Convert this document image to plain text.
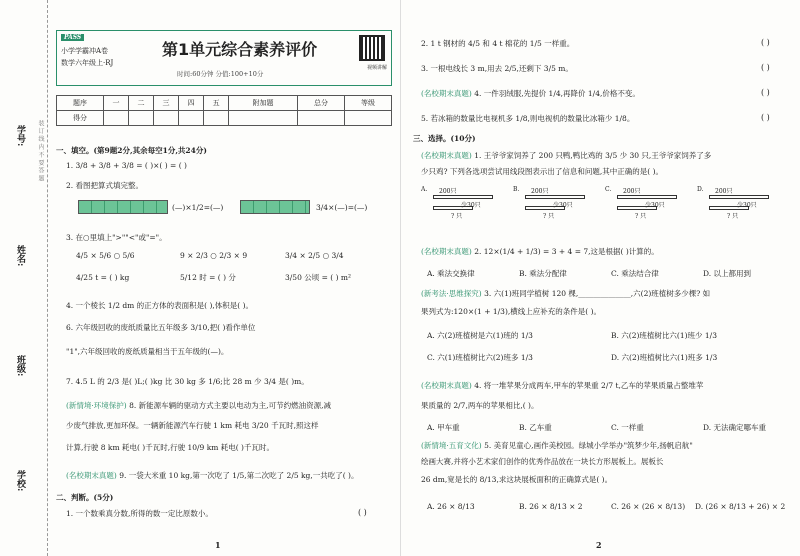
学校:
班级:
姓名:
学号:	装 订 线 内 不 要 答 题
PASS
小学学霸冲A卷
数学六年级上·RJ
第1单元综合素养评价
时间:60分钟 分值:100+10分
视频讲解
题序	一	二	三	四	五	附加题	总分	等级
得分								
一、填空。(第9题2分,其余每空1分,共24分)
1. 3/8 + 3/8 + 3/8 = ( )×( ) = ( )
2. 看图把算式填完整。
(—)×1/2=(—)	3/4×(—)=(—)
3. 在○里填上">""<"或"="。
4/5 × 5/6 ○ 5/6	9 × 2/3 ○ 2/3 × 9	3/4 × 2/5 ○ 3/4
4/25 t = ( ) kg	5/12 时 = ( ) 分	3/50 公顷 = ( ) m²
4. 一个棱长 1/2 dm 的正方体的表面积是( ),体积是( )。
6. 六年级回收的废纸质量比五年级多 3/10,把( )看作单位
"1",六年级回收的废纸质量相当于五年级的(—)。
7. 4.5 L 的 2/3 是( )L;( )kg 比 30 kg 多 1/6;比 28 m 少 3/4 是( )m。
(新情境·环境保护) 8. 新能源车辆的驱动方式主要以电动为主,可节约燃油资源,减
少废气排放,更加环保。一辆新能源汽车行驶 1 km 耗电 3/20 千瓦时,照这样
计算,行驶 8 km 耗电( )千瓦时,行驶 10/9 km 耗电( )千瓦时。
(名校期末真题) 9. 一袋大米重 10 kg,第一次吃了 1/5,第二次吃了 2/5 kg,一共吃了( )。
二、判断。(5分)
1. 一个数乘真分数,所得的数一定比原数小。	( )
1
2. 1 t 钢材的 4/5 和 4 t 棉花的 1/5 一样重。	( )
3. 一根电线长 3 m,用去 2/5,还剩下 3/5 m。	( )
(名校期末真题) 4. 一件羽绒服,先提价 1/4,再降价 1/4,价格不变。	( )
5. 若冰箱的数量比电视机多 1/8,则电视机的数量比冰箱少 1/8。	( )
三、选择。(10分)
(名校期末真题) 1. 王爷爷家饲养了 200 只鸭,鸭比鸡的 3/5 少 30 只,王爷爷家饲养了多
少只鸡? 下列各选项尝试用线段图表示出了信息和问题,其中正确的是( )。
A. 200只
少30只
? 只
B. 200只
少30只
? 只
C. 200只
少30只
? 只
D. 200只
少30只
? 只
(名校期末真题) 2. 12×(1/4 + 1/3) = 3 + 4 = 7,这是根据( )计算的。
A. 乘法交换律	B. 乘法分配律	C. 乘法结合律	D. 以上都用到
(新考法·思维探究) 3. 六(1)班同学植树 120 棵,______________,六(2)班植树多少棵? 如
果列式为:120×(1 + 1/3),横线上应补充的条件是( )。
A. 六(2)班植树是六(1)班的 1/3	B. 六(2)班植树比六(1)班少 1/3
C. 六(1)班植树比六(2)班多 1/3	D. 六(2)班植树比六(1)班多 1/3
(名校期末真题) 4. 将一堆苹果分成两车,甲车的苹果重 2/7 t,乙车的苹果质量占整堆苹
果质量的 2/7,两车的苹果相比,( )。
A. 甲车重	B. 乙车重	C. 一样重	D. 无法确定哪车重
(新情境·五育文化) 5. 美育见童心,画作美校园。绿城小学举办"筑梦少年,扬帆启航"
绘画大赛,并将小艺术家们创作的优秀作品放在一块长方形展板上。展板长
26 dm,宽是长的 8/13,求这块展板面积的正确算式是( )。
A. 26 × 8/13	B. 26 × 8/13 × 2	C. 26 × (26 × 8/13) D. (26 × 8/13 + 26) × 2
2
